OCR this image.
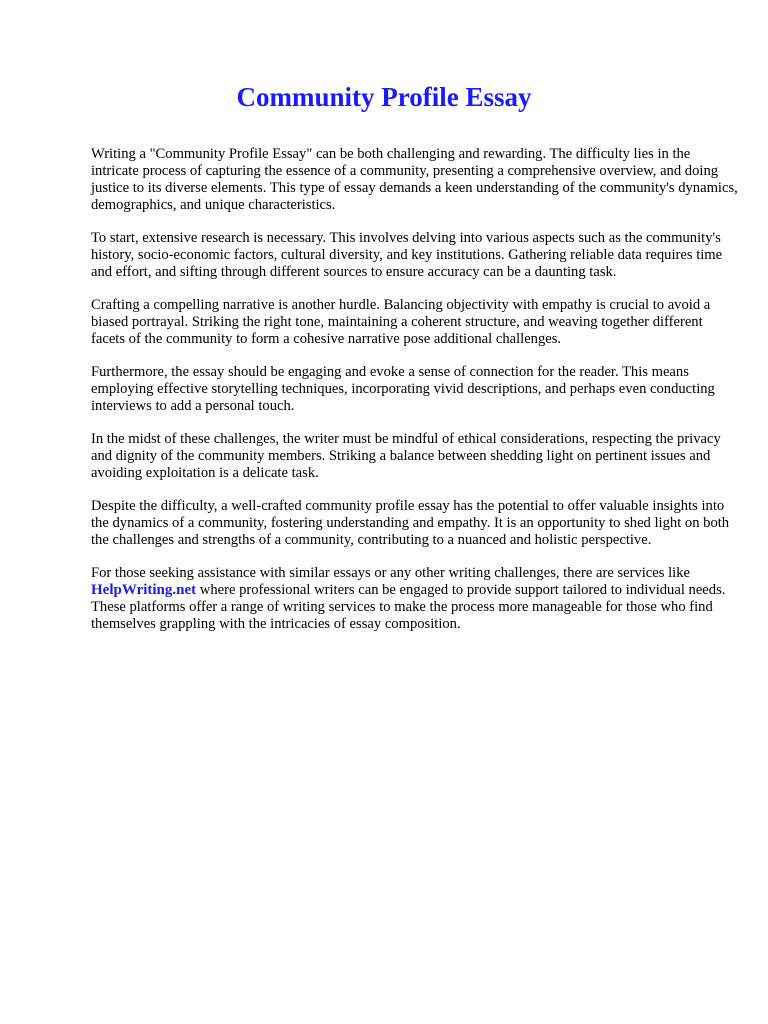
Community Profile Essay

Writing a "Community Profile Essay" can be both challenging and rewarding. The difficulty lies in the intricate process of capturing the essence of a community, presenting a comprehensive overview, and doing justice to its diverse elements. This type of essay demands a keen understanding of the community's dynamics, demographics, and unique characteristics.

To start, extensive research is necessary. This involves delving into various aspects such as the community's history, socio-economic factors, cultural diversity, and key institutions. Gathering reliable data requires time and effort, and sifting through different sources to ensure accuracy can be a daunting task.

Crafting a compelling narrative is another hurdle. Balancing objectivity with empathy is crucial to avoid a biased portrayal. Striking the right tone, maintaining a coherent structure, and weaving together different facets of the community to form a cohesive narrative pose additional challenges.

Furthermore, the essay should be engaging and evoke a sense of connection for the reader. This means employing effective storytelling techniques, incorporating vivid descriptions, and perhaps even conducting interviews to add a personal touch.

In the midst of these challenges, the writer must be mindful of ethical considerations, respecting the privacy and dignity of the community members. Striking a balance between shedding light on pertinent issues and avoiding exploitation is a delicate task.

Despite the difficulty, a well-crafted community profile essay has the potential to offer valuable insights into the dynamics of a community, fostering understanding and empathy. It is an opportunity to shed light on both the challenges and strengths of a community, contributing to a nuanced and holistic perspective.

For those seeking assistance with similar essays or any other writing challenges, there are services like HelpWriting.net where professional writers can be engaged to provide support tailored to individual needs. These platforms offer a range of writing services to make the process more manageable for those who find themselves grappling with the intricacies of essay composition.
